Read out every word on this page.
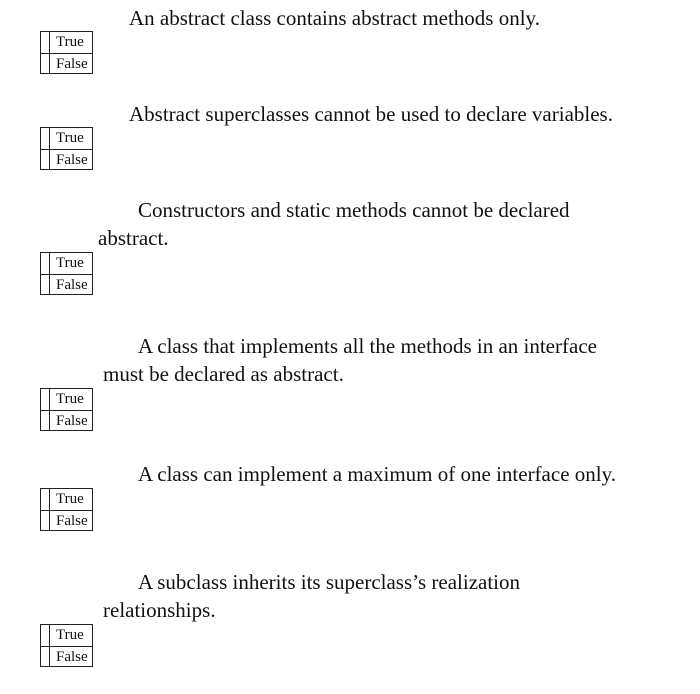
An abstract class contains abstract methods only.
True
False
Abstract superclasses cannot be used to declare variables.
True
False
Constructors and static methods cannot be declared
abstract.
True
False
A class that implements all the methods in an interface
must be declared as abstract.
True
False
A class can implement a maximum of one interface only.
True
False
A subclass inherits its superclass’s realization
relationships.
True
False
